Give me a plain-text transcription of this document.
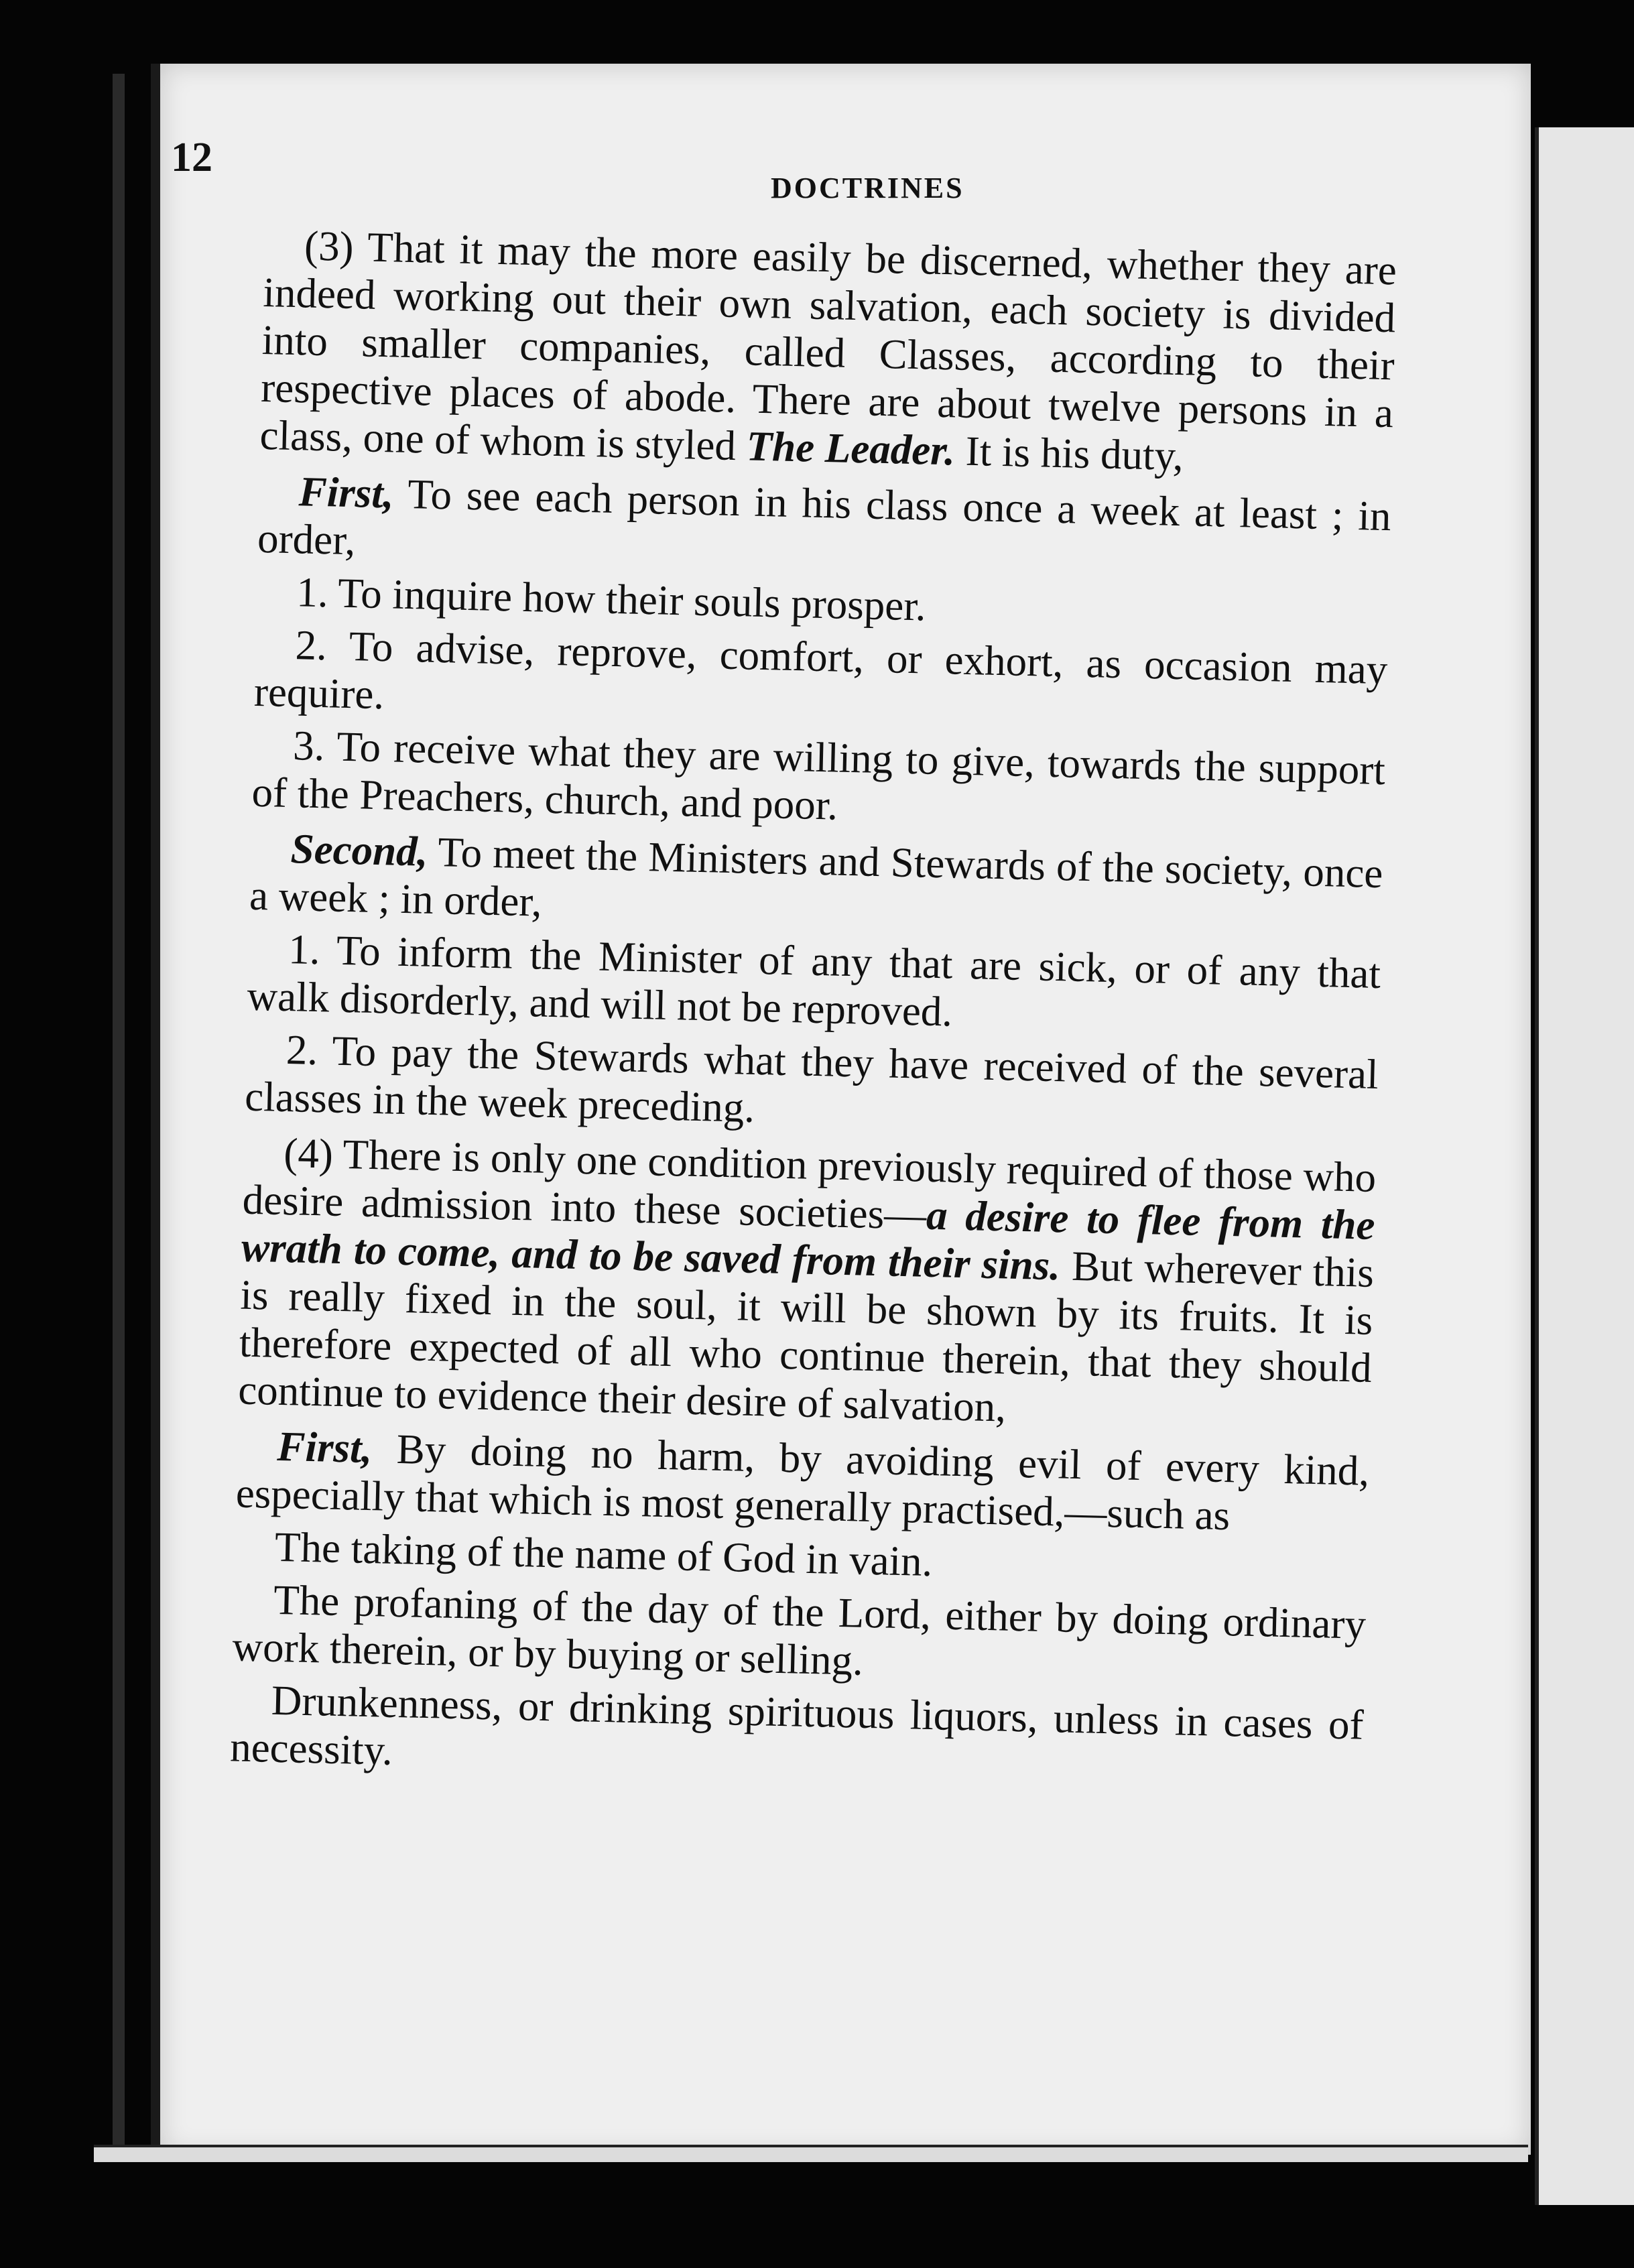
12
DOCTRINES

(3) That it may the more easily be discerned, whether they are indeed working out their own salvation, each society is divided into smaller companies, called Classes, according to their respective places of abode. There are about twelve persons in a class, one of whom is styled The Leader. It is his duty,

First, To see each person in his class once a week at least ; in order,

1. To inquire how their souls prosper.

2. To advise, reprove, comfort, or exhort, as occasion may require.

3. To receive what they are willing to give, towards the support of the Preachers, church, and poor.

Second, To meet the Ministers and Stewards of the society, once a week ; in order,

1. To inform the Minister of any that are sick, or of any that walk disorderly, and will not be reproved.

2. To pay the Stewards what they have received of the several classes in the week preceding.

(4) There is only one condition previously required of those who desire admission into these societies—a desire to flee from the wrath to come, and to be saved from their sins. But wherever this is really fixed in the soul, it will be shown by its fruits. It is therefore expected of all who continue therein, that they should continue to evidence their desire of salvation,

First, By doing no harm, by avoiding evil of every kind, especially that which is most generally practised,—such as

The taking of the name of God in vain.

The profaning of the day of the Lord, either by doing ordinary work therein, or by buying or selling.

Drunkenness, or drinking spirituous liquors, unless in cases of necessity.
